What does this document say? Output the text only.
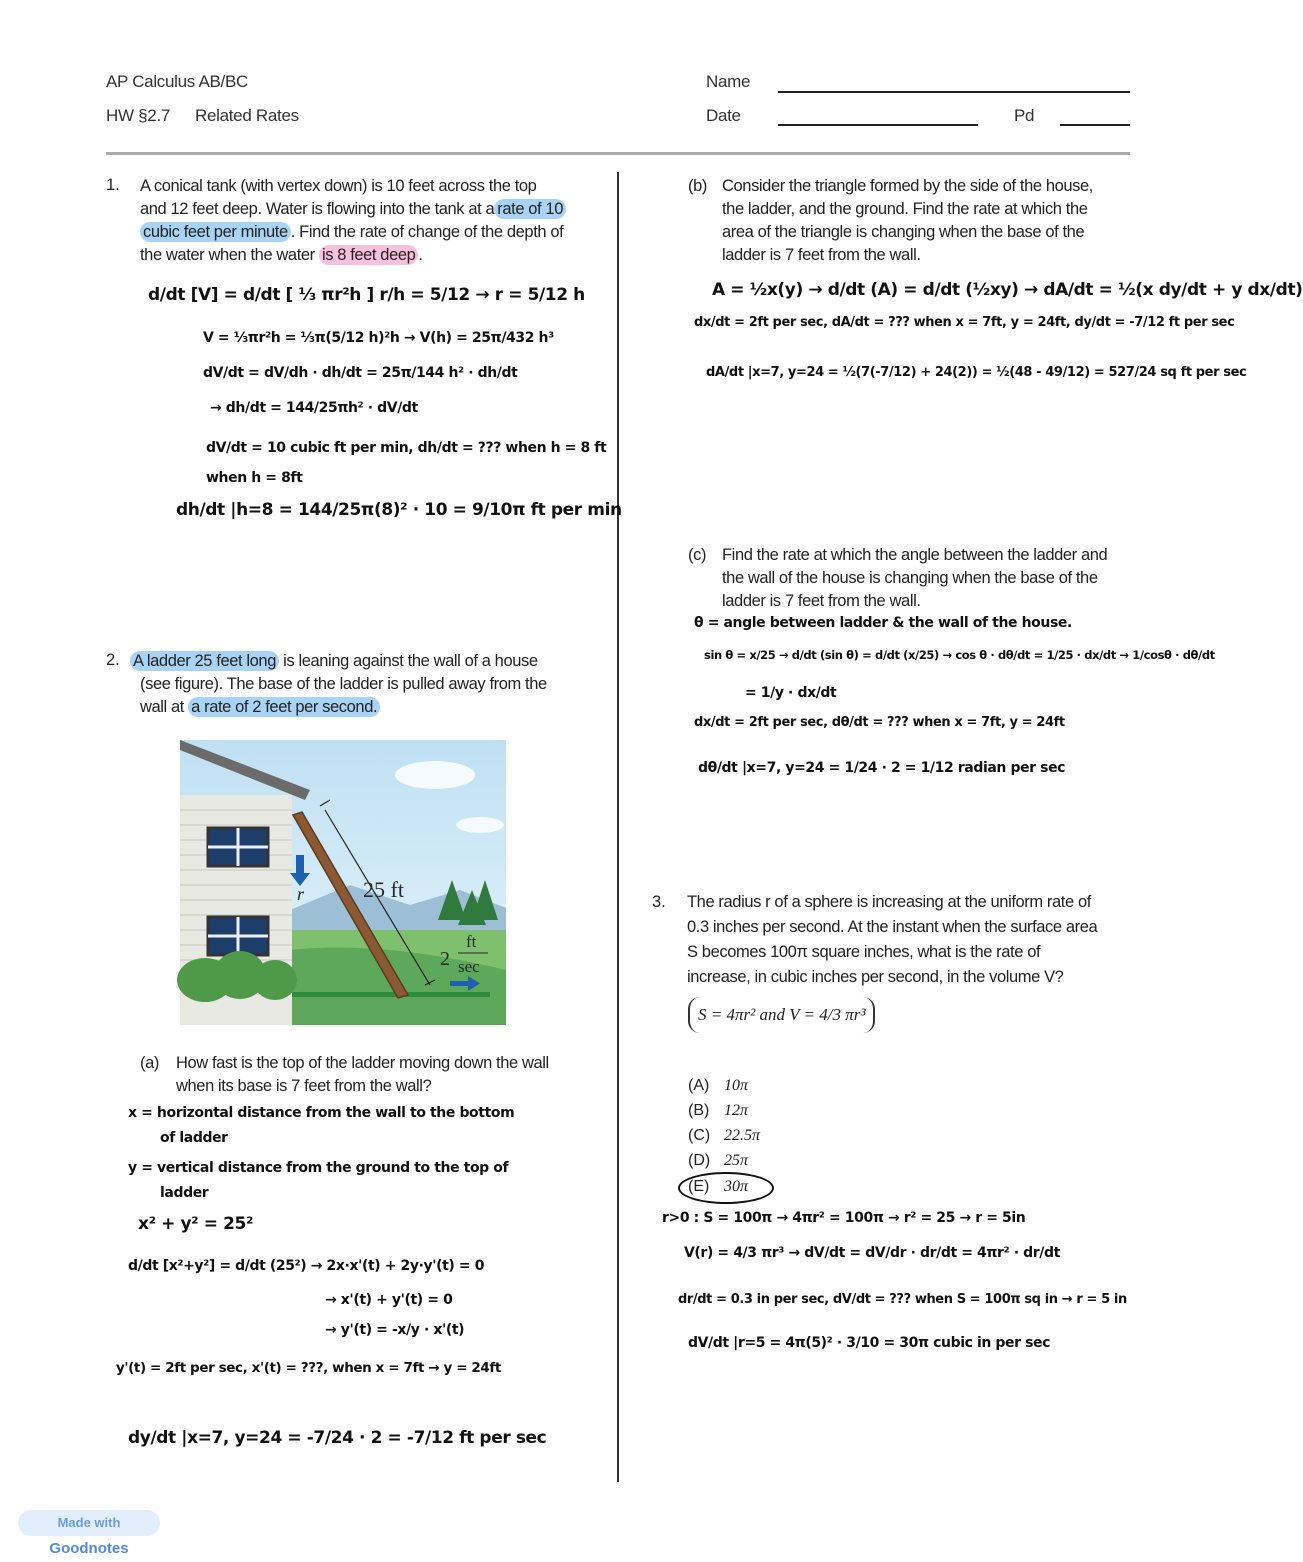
AP Calculus AB/BC
HW §2.7 Related Rates
Name
Date	Pd
1. A conical tank (with vertex down) is 10 feet across the top
and 12 feet deep. Water is flowing into the tank at a rate of 10
cubic feet per minute . Find the rate of change of the depth of
the water when the water is 8 feet deep .
d/dt [V] = d/dt [ ⅓ πr²h ] r/h = 5/12 → r = 5/12 h
V = ⅓πr²h = ⅓π(5/12 h)²h → V(h) = 25π/432 h³
dV/dt = dV/dh · dh/dt = 25π/144 h² · dh/dt
→ dh/dt = 144/25πh² · dV/dt
dV/dt = 10 cubic ft per min, dh/dt = ??? when h = 8 ft
when h = 8ft
dh/dt |h=8 = 144/25π(8)² · 10 = 9/10π ft per min
2. A ladder 25 feet long is leaning against the wall of a house
(see figure). The base of the ladder is pulled away from the
wall at a rate of 2 feet per second.
r	25 ft
2
ft
sec
(a) How fast is the top of the ladder moving down the wall
when its base is 7 feet from the wall?
x = horizontal distance from the wall to the bottom
of ladder
y = vertical distance from the ground to the top of
ladder
x² + y² = 25²
d/dt [x²+y²] = d/dt (25²) → 2x·x'(t) + 2y·y'(t) = 0
→ x'(t) + y'(t) = 0
→ y'(t) = -x/y · x'(t)
y'(t) = 2ft per sec, x'(t) = ???, when x = 7ft → y = 24ft
dy/dt |x=7, y=24 = -7/24 · 2 = -7/12 ft per sec
(b) Consider the triangle formed by the side of the house,
the ladder, and the ground. Find the rate at which the
area of the triangle is changing when the base of the
ladder is 7 feet from the wall.
A = ½x(y) → d/dt (A) = d/dt (½xy) → dA/dt = ½(x dy/dt + y dx/dt)
dx/dt = 2ft per sec, dA/dt = ??? when x = 7ft, y = 24ft, dy/dt = -7/12 ft per sec
dA/dt |x=7, y=24 = ½(7(-7/12) + 24(2)) = ½(48 - 49/12) = 527/24 sq ft per sec
(c) Find the rate at which the angle between the ladder and
the wall of the house is changing when the base of the
ladder is 7 feet from the wall.
θ = angle between ladder & the wall of the house.
sin θ = x/25 → d/dt (sin θ) = d/dt (x/25) → cos θ · dθ/dt = 1/25 · dx/dt → 1/cosθ · dθ/dt
= 1/y · dx/dt
dx/dt = 2ft per sec, dθ/dt = ??? when x = 7ft, y = 24ft
dθ/dt |x=7, y=24 = 1/24 · 2 = 1/12 radian per sec
3. The radius r of a sphere is increasing at the uniform rate of
0.3 inches per second. At the instant when the surface area
S becomes 100π square inches, what is the rate of
increase, in cubic inches per second, in the volume V?
S = 4πr² and V = 4/3 πr³
(A) 10π
(B) 12π
(C) 22.5π
(D) 25π
(E) 30π
r>0 : S = 100π → 4πr² = 100π → r² = 25 → r = 5in
V(r) = 4/3 πr³ → dV/dt = dV/dr · dr/dt = 4πr² · dr/dt
dr/dt = 0.3 in per sec, dV/dt = ??? when S = 100π sq in → r = 5 in
dV/dt |r=5 = 4π(5)² · 3/10 = 30π cubic in per sec
Made with Goodnotes
